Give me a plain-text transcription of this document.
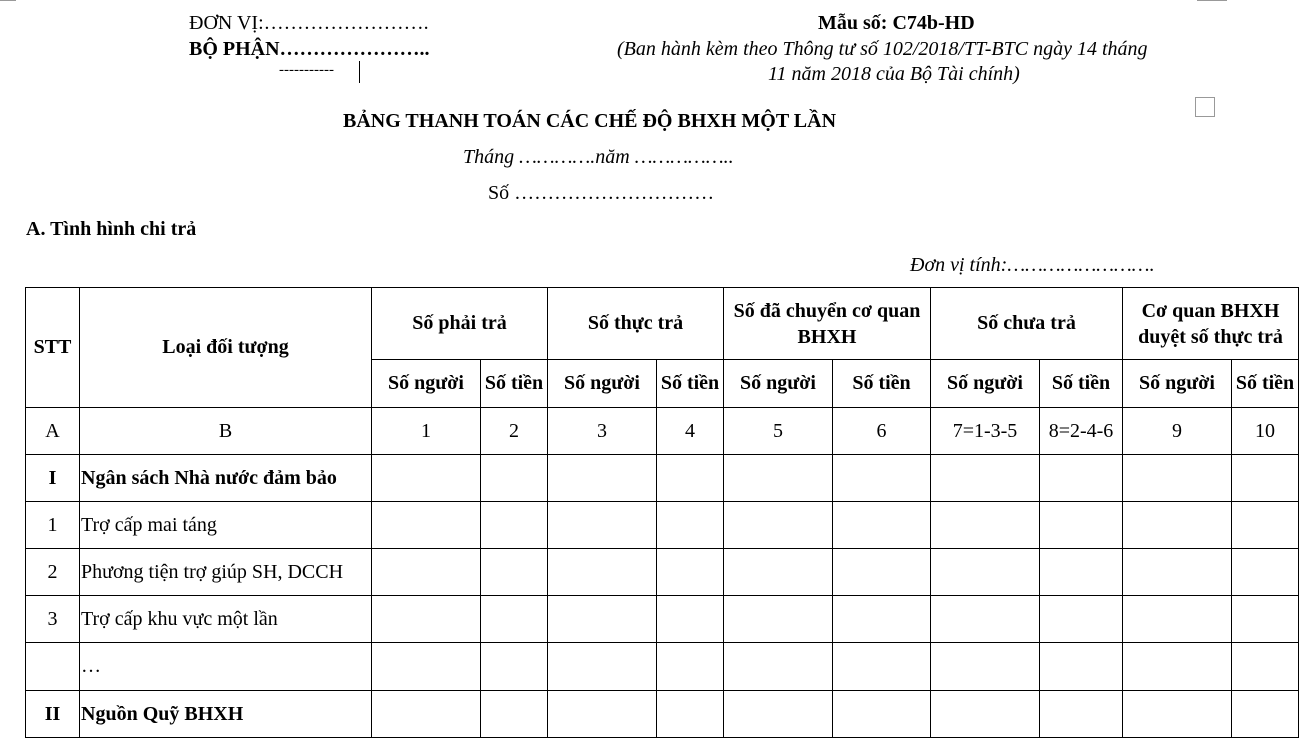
ĐƠN VỊ:…………………….
BỘ PHẬN…………………..
-----------
Mẫu số: C74b-HD
(Ban hành kèm theo Thông tư số 102/2018/TT-BTC ngày 14 tháng
11 năm 2018 của Bộ Tài chính)
BẢNG THANH TOÁN CÁC CHẾ ĐỘ BHXH MỘT LẦN
Tháng ………….năm ……………..
Số …………………………
A. Tình hình chi trả
Đơn vị tính:…………………….
STT	Loại đối tượng	Số phải trả		Số thực trả		Số đã chuyển cơ quan BHXH		Số chưa trả		Cơ quan BHXH duyệt số thực trả	
		Số người	Số tiền	Số người	Số tiền	Số người	Số tiền	Số người	Số tiền	Số người	Số tiền
A	B	1	2	3	4	5	6	7=1-3-5	8=2-4-6	9	10
I	Ngân sách Nhà nước đảm bảo										
1	Trợ cấp mai táng										
2	Phương tiện trợ giúp SH, DCCH										
3	Trợ cấp khu vực một lần										
	…										
II	Nguồn Quỹ BHXH										
